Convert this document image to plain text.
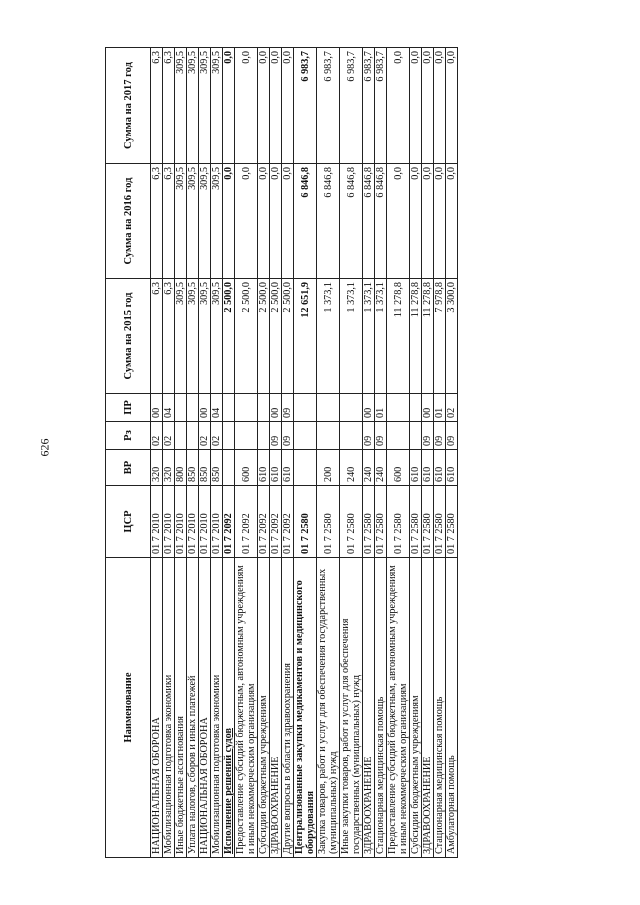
626
Наименование	ЦСР	ВР	Рз	ПР	Сумма на 2015 год	Сумма на 2016 год	Сумма на 2017 год
НАЦИОНАЛЬНАЯ ОБОРОНА	01 7 2010	320	02	00	6,3	6,3	6,3
Мобилизационная подготовка экономики	01 7 2010	320	02	04	6,3	6,3	6,3
Иные бюджетные ассигнования	01 7 2010	800			309,5	309,5	309,5
Уплата налогов, сборов и иных платежей	01 7 2010	850			309,5	309,5	309,5
НАЦИОНАЛЬНАЯ ОБОРОНА	01 7 2010	850	02	00	309,5	309,5	309,5
Мобилизационная подготовка экономики	01 7 2010	850	02	04	309,5	309,5	309,5
Исполнение решений судов	01 7 2092				2 500,0	0,0	0,0
Предоставление субсидий бюджетным, автономным учреждениям и иным некоммерческим организациям	01 7 2092	600			2 500,0	0,0	0,0
Субсидии бюджетным учреждениям	01 7 2092	610			2 500,0	0,0	0,0
ЗДРАВООХРАНЕНИЕ	01 7 2092	610	09	00	2 500,0	0,0	0,0
Другие вопросы в области здравоохранения	01 7 2092	610	09	09	2 500,0	0,0	0,0
Централизованные закупки медикаментов и медицинского оборудования	01 7 2580				12 651,9	6 846,8	6 983,7
Закупка товаров, работ и услуг для обеспечения государственных (муниципальных) нужд	01 7 2580	200			1 373,1	6 846,8	6 983,7
Иные закупки товаров, работ и услуг для обеспечения государственных (муниципальных) нужд	01 7 2580	240			1 373,1	6 846,8	6 983,7
ЗДРАВООХРАНЕНИЕ	01 7 2580	240	09	00	1 373,1	6 846,8	6 983,7
Стационарная медицинская помощь	01 7 2580	240	09	01	1 373,1	6 846,8	6 983,7
Предоставление субсидий бюджетным, автономным учреждениям и иным некоммерческим организациям	01 7 2580	600			11 278,8	0,0	0,0
Субсидии бюджетным учреждениям	01 7 2580	610			11 278,8	0,0	0,0
ЗДРАВООХРАНЕНИЕ	01 7 2580	610	09	00	11 278,8	0,0	0,0
Стационарная медицинская помощь	01 7 2580	610	09	01	7 978,8	0,0	0,0
Амбулаторная помощь	01 7 2580	610	09	02	3 300,0	0,0	0,0
